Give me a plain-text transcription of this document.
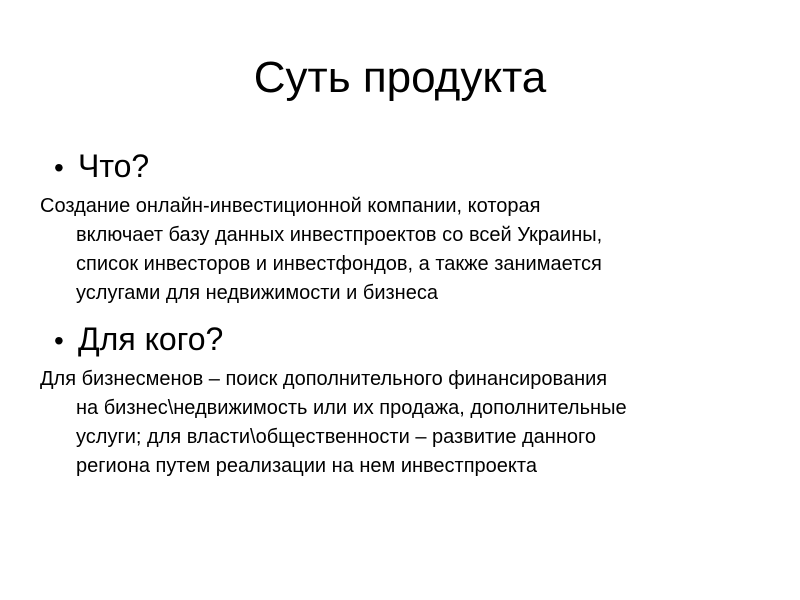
Суть продукта
• Что?

Создание онлайн-инвестиционной компании, которая
включает базу данных инвестпроектов со всей Украины,
список инвесторов и инвестфондов, а также занимается
услугами для недвижимости и бизнеса

• Для кого?

Для бизнесменов – поиск дополнительного финансирования
на бизнес\недвижимость или их продажа, дополнительные
услуги; для власти\общественности – развитие данного
региона путем реализации на нем инвестпроекта
